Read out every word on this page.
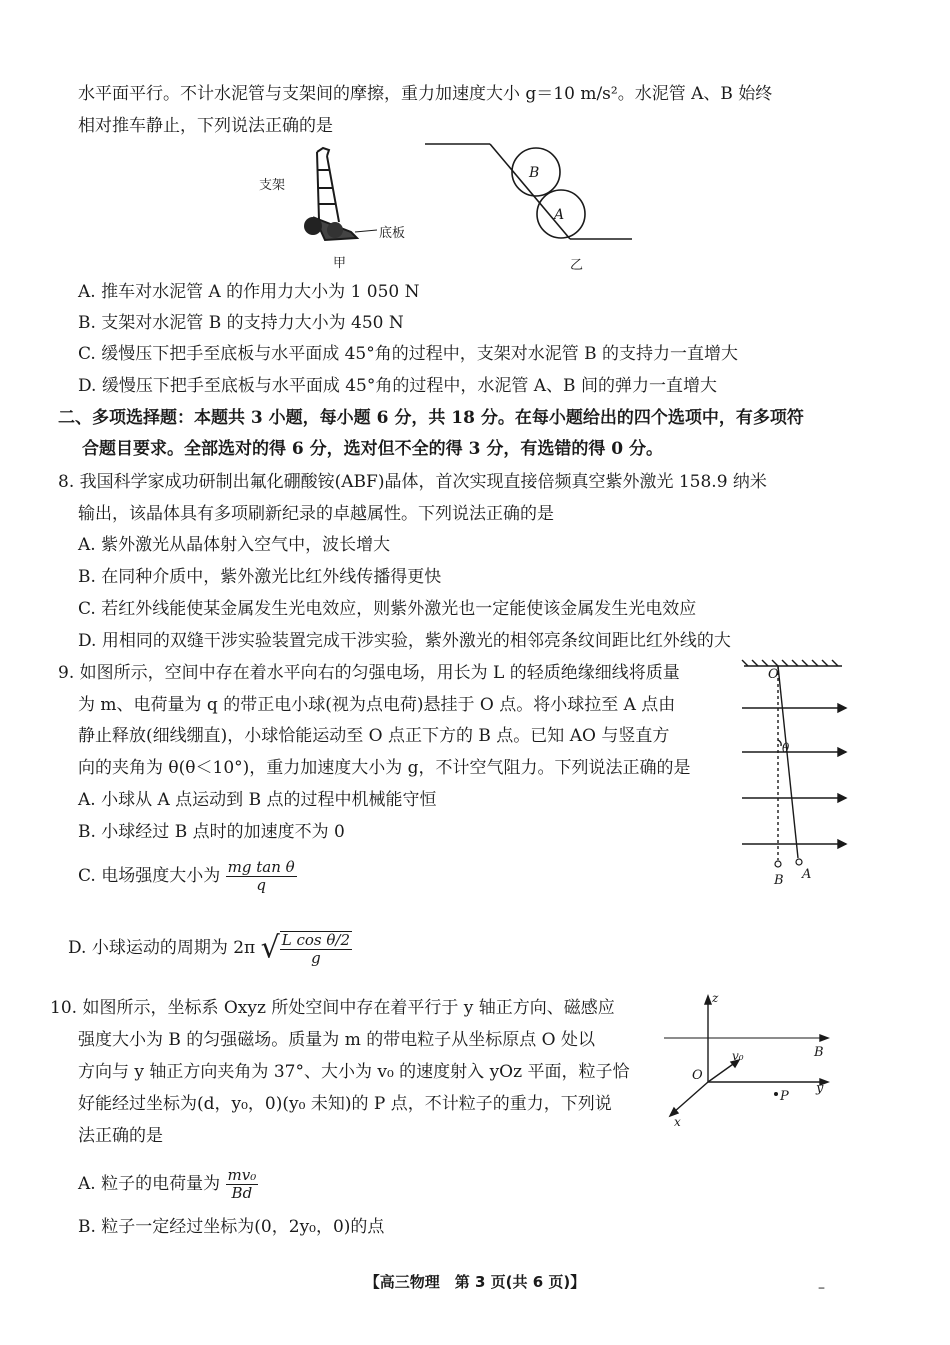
水平面平行。不计水泥管与支架间的摩擦，重力加速度大小 g＝10 m/s²。水泥管 A、B 始终
相对推车静止，下列说法正确的是
支架
底板
甲
B
A
乙
A. 推车对水泥管 A 的作用力大小为 1 050 N
B. 支架对水泥管 B 的支持力大小为 450 N
C. 缓慢压下把手至底板与水平面成 45°角的过程中，支架对水泥管 B 的支持力一直增大
D. 缓慢压下把手至底板与水平面成 45°角的过程中，水泥管 A、B 间的弹力一直增大
二、多项选择题：本题共 3 小题，每小题 6 分，共 18 分。在每小题给出的四个选项中，有多项符
合题目要求。全部选对的得 6 分，选对但不全的得 3 分，有选错的得 0 分。
8. 我国科学家成功研制出氟化硼酸铵(ABF)晶体，首次实现直接倍频真空紫外激光 158.9 纳米
输出，该晶体具有多项刷新纪录的卓越属性。下列说法正确的是
A. 紫外激光从晶体射入空气中，波长增大
B. 在同种介质中，紫外激光比红外线传播得更快
C. 若红外线能使某金属发生光电效应，则紫外激光也一定能使该金属发生光电效应
D. 用相同的双缝干涉实验装置完成干涉实验，紫外激光的相邻亮条纹间距比红外线的大
9. 如图所示，空间中存在着水平向右的匀强电场，用长为 L 的轻质绝缘细线将质量
为 m、电荷量为 q 的带正电小球(视为点电荷)悬挂于 O 点。将小球拉至 A 点由
静止释放(细线绷直)，小球恰能运动至 O 点正下方的 B 点。已知 AO 与竖直方
向的夹角为 θ(θ＜10°)，重力加速度大小为 g，不计空气阻力。下列说法正确的是
A. 小球从 A 点运动到 B 点的过程中机械能守恒
B. 小球经过 B 点时的加速度不为 0
C. 电场强度大小为 $\frac{\text{mg tan θ}}{q}$
D. 小球运动的周期为 2π √ $\frac{\text{L cos θ/2}}{g}$
O
θ
B A
10. 如图所示，坐标系 Oxyz 所处空间中存在着平行于 y 轴正方向、磁感应
强度大小为 B 的匀强磁场。质量为 m 的带电粒子从坐标原点 O 处以
方向与 y 轴正方向夹角为 37°、大小为 v₀ 的速度射入 yOz 平面，粒子恰
好能经过坐标为(d，y₀，0)(y₀ 未知)的 P 点，不计粒子的重力，下列说
法正确的是
A. 粒子的电荷量为 $\frac{\text{mv₀}}{Bd}$
B. 粒子一定经过坐标为(0，2y₀，0)的点
z
v₀	B
O
y
P
x
【高三物理　第 3 页(共 6 页)】	–
